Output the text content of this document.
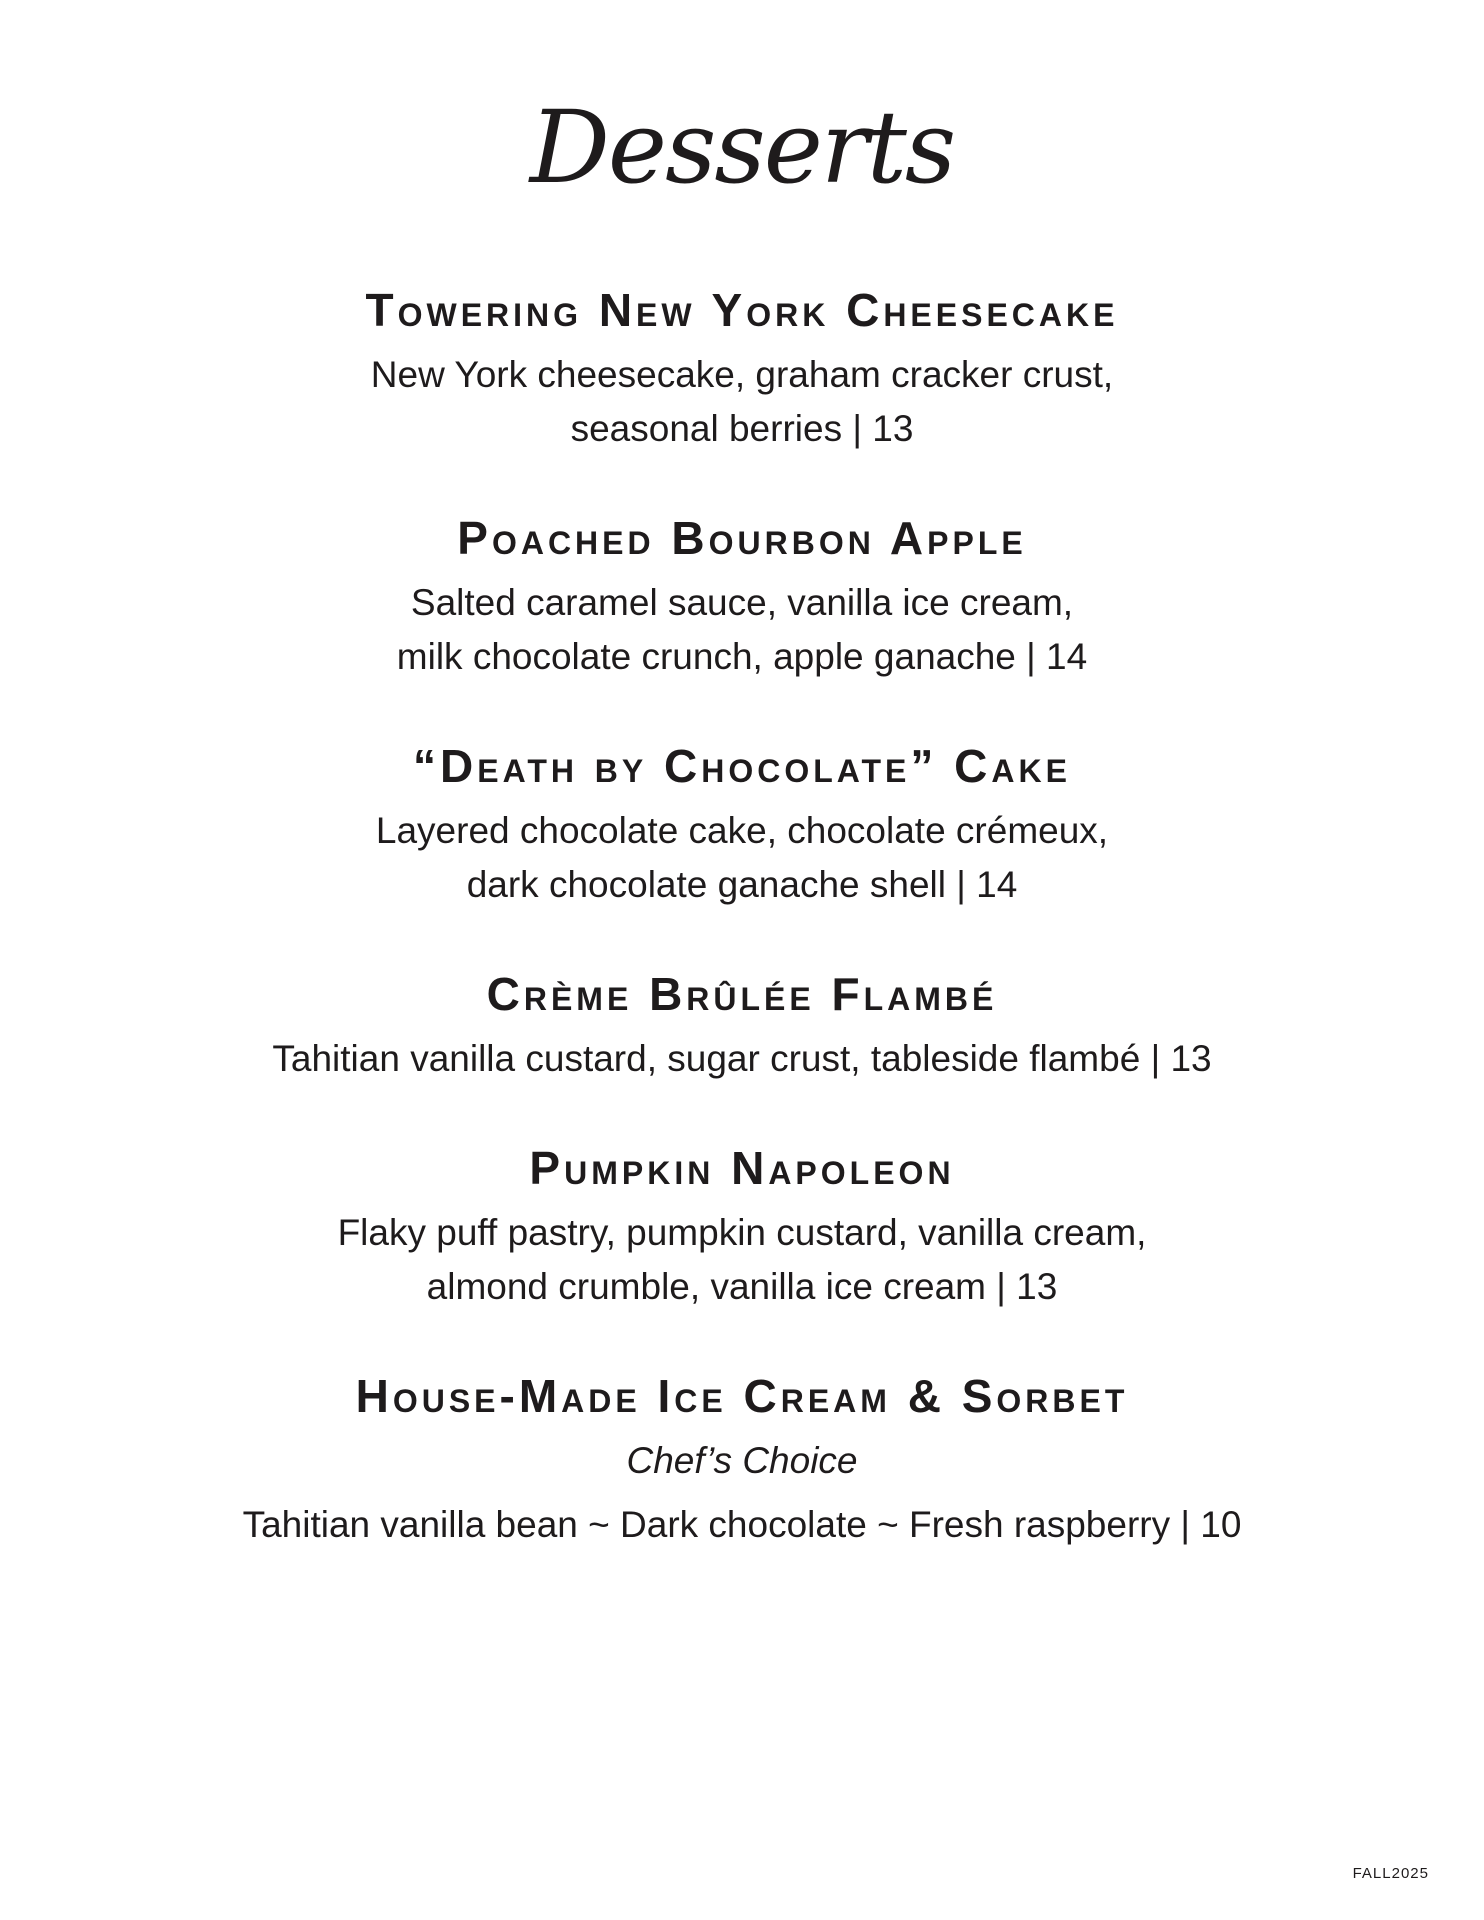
Desserts
Towering New York Cheesecake
New York cheesecake, graham cracker crust,
seasonal berries | 13
Poached Bourbon Apple
Salted caramel sauce, vanilla ice cream,
milk chocolate crunch, apple ganache | 14
“Death by Chocolate” Cake
Layered chocolate cake, chocolate crémeux,
dark chocolate ganache shell | 14
Crème Brûlée Flambé
Tahitian vanilla custard, sugar crust, tableside flambé | 13
Pumpkin Napoleon
Flaky puff pastry, pumpkin custard, vanilla cream,
almond crumble, vanilla ice cream | 13
House-Made Ice Cream & Sorbet
Chef’s Choice
Tahitian vanilla bean ~ Dark chocolate ~ Fresh raspberry | 10
FALL2025
